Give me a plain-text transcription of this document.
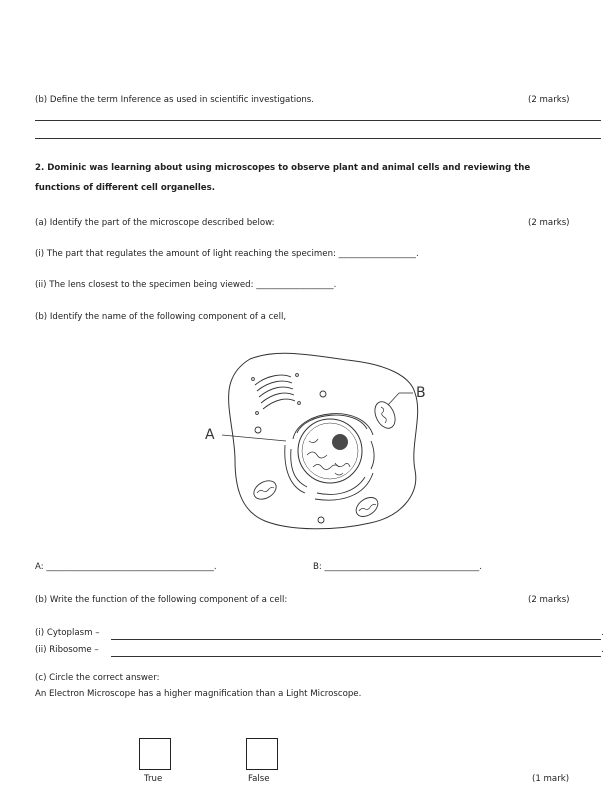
(b) Define the term Inference as used in scientific investigations.	(2 marks)
2. Dominic was learning about using microscopes to observe plant and animal cells and reviewing the
functions of different cell organelles.
(a) Identify the part of the microscope described below:	(2 marks)
(i) The part that regulates the amount of light reaching the specimen: __________________.
(ii) The lens closest to the specimen being viewed: __________________.
(b) Identify the name of the following component of a cell,
A
B
A: _______________________________________.	B: ____________________________________.
(b) Write the function of the following component of a cell:	(2 marks)
(i) Cytoplasm –	.
(ii) Ribosome –	.
(c) Circle the correct answer:
An Electron Microscope has a higher magnification than a Light Microscope.
True	False	(1 mark)
